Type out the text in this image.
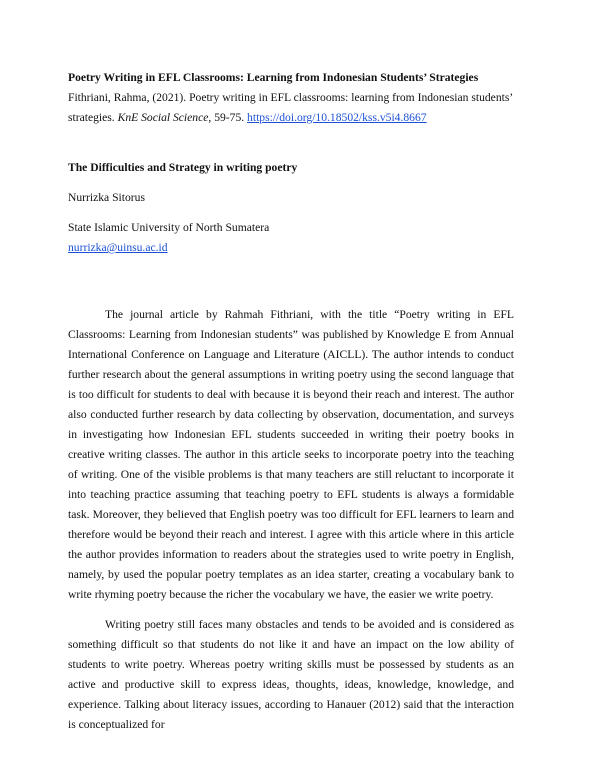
Poetry Writing in EFL Classrooms: Learning from Indonesian Students’ Strategies

Fithriani, Rahma, (2021). Poetry writing in EFL classrooms: learning from Indonesian students’ strategies. KnE Social Science, 59-75. https://doi.org/10.18502/kss.v5i4.8667

The Difficulties and Strategy in writing poetry

Nurrizka Sitorus

State Islamic University of North Sumatera

nurrizka@uinsu.ac.id

The journal article by Rahmah Fithriani, with the title “Poetry writing in EFL Classrooms: Learning from Indonesian students” was published by Knowledge E from Annual International Conference on Language and Literature (AICLL). The author intends to conduct further research about the general assumptions in writing poetry using the second language that is too difficult for students to deal with because it is beyond their reach and interest. The author also conducted further research by data collecting by observation, documentation, and surveys in investigating how Indonesian EFL students succeeded in writing their poetry books in creative writing classes. The author in this article seeks to incorporate poetry into the teaching of writing. One of the visible problems is that many teachers are still reluctant to incorporate it into teaching practice assuming that teaching poetry to EFL students is always a formidable task. Moreover, they believed that English poetry was too difficult for EFL learners to learn and therefore would be beyond their reach and interest. I agree with this article where in this article the author provides information to readers about the strategies used to write poetry in English, namely, by used the popular poetry templates as an idea starter, creating a vocabulary bank to write rhyming poetry because the richer the vocabulary we have, the easier we write poetry.

Writing poetry still faces many obstacles and tends to be avoided and is considered as something difficult so that students do not like it and have an impact on the low ability of students to write poetry. Whereas poetry writing skills must be possessed by students as an active and productive skill to express ideas, thoughts, ideas, knowledge, knowledge, and experience. Talking about literacy issues, according to Hanauer (2012) said that the interaction is conceptualized for
